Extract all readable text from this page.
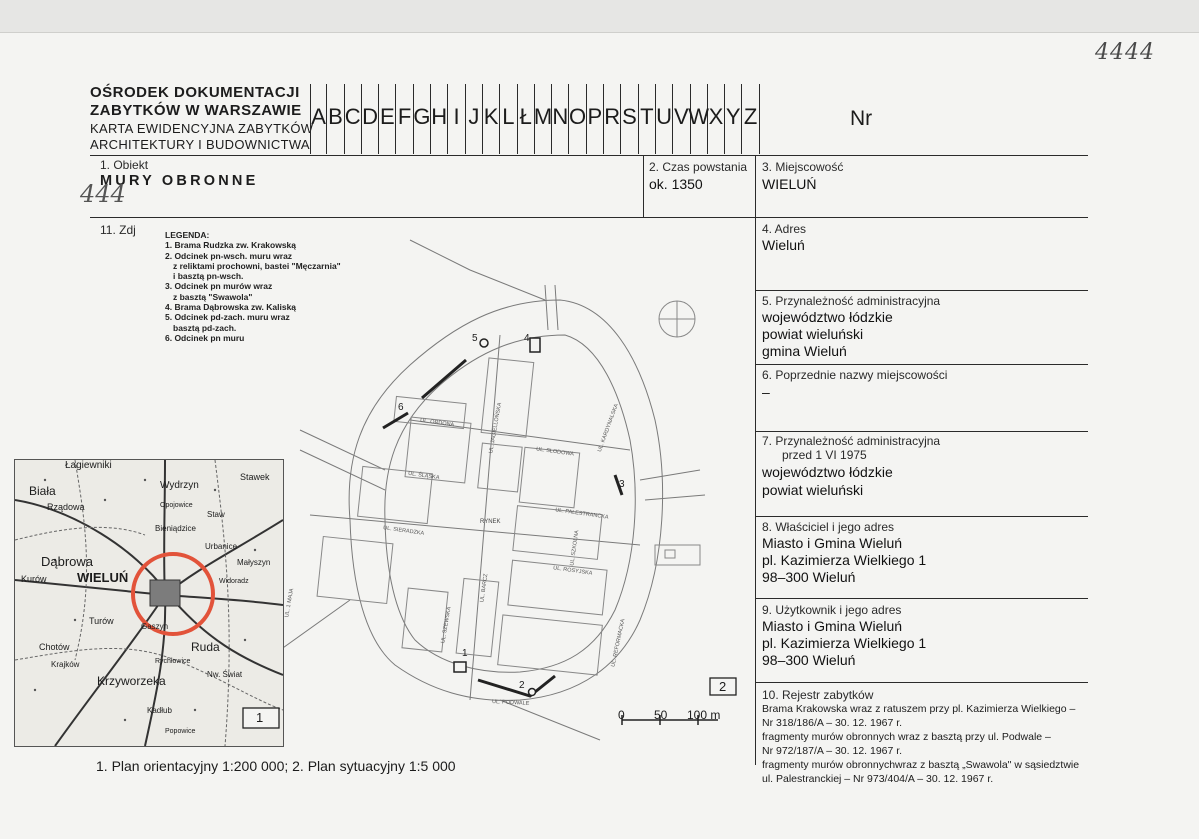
4444
OŚRODEK DOKUMENTACJI
ZABYTKÓW W WARSZAWIE
KARTA EWIDENCYJNA ZABYTKÓW
ARCHITEKTURY I BUDOWNICTWA
A B C D E F G H I J K L Ł M N O P R S T U V W X Y Z	Nr
1. Obiekt
MURY OBRONNE
444
2. Czas powstania
ok. 1350
3. Miejscowość
WIELUŃ
11. Zdj	4. Adres
Wieluń
5. Przynależność administracyjna
województwo łódzkie
powiat wieluński
gmina Wieluń
6. Poprzednie nazwy miejscowości
–
7. Przynależność administracyjna
przed 1 VI 1975
województwo łódzkie
powiat wieluński
8. Właściciel i jego adres
Miasto i Gmina Wieluń
pl. Kazimierza Wielkiego 1
98–300 Wieluń
9. Użytkownik i jego adres
Miasto i Gmina Wieluń
pl. Kazimierza Wielkiego 1
98–300 Wieluń
10. Rejestr zabytków
Brama Krakowska wraz z ratuszem przy pl. Kazimierza Wielkiego –
Nr 318/186/A – 30. 12. 1967 r.
fragmenty murów obronnych wraz z basztą przy ul. Podwale –
Nr 972/187/A – 30. 12. 1967 r.
fragmenty murów obronnychwraz z basztą „Swawola" w sąsiedztwie
ul. Palestranckiej – Nr 973/404/A – 30. 12. 1967 r.
RYNEK
1
2
3
4
5
6
2
0 50 100 m
UL. PODWALE
UL. REFORMACKA
UL. SZEWSKA
UL. BARCZ
UL. ROSYJSKA
UL. PALESTRANCKA
UL. SIERADZKA
UL. SŁODOWA
UL. ORDONA	UL. JAGIELLOŃSKA
UL. SZKOLNA
UL. ŚLĄSKA
UL. 1 MAJA
UL. KARDYNALSKA
LEGENDA:
1. Brama Rudzka zw. Krakowską
2. Odcinek pn-wsch. muru wraz
z reliktami prochowni, bastei "Męczarnia"
i basztą pn-wsch.
3. Odcinek pn murów wraz
z basztą "Swawola"
4. Brama Dąbrowska zw. Kaliską
5. Odcinek pd-zach. muru wraz
basztą pd-zach.
6. Odcinek pn muru
Łagiewniki
Biała
Rządowa
Wydrzyn
Stawek
Opojowice
Staw
Bieniądzice
Urbanice
Małyszyn
Dąbrowa
WIELUŃ
Kurów
Turów
Chotów
Krajków
Gaszyn
Ruda
Rychłowice
Nw. Świat
Krzyworzeka
Kadłub
Popowice
Widoradz
1
1. Plan orientacyjny 1:200 000; 2. Plan sytuacyjny 1:5 000
